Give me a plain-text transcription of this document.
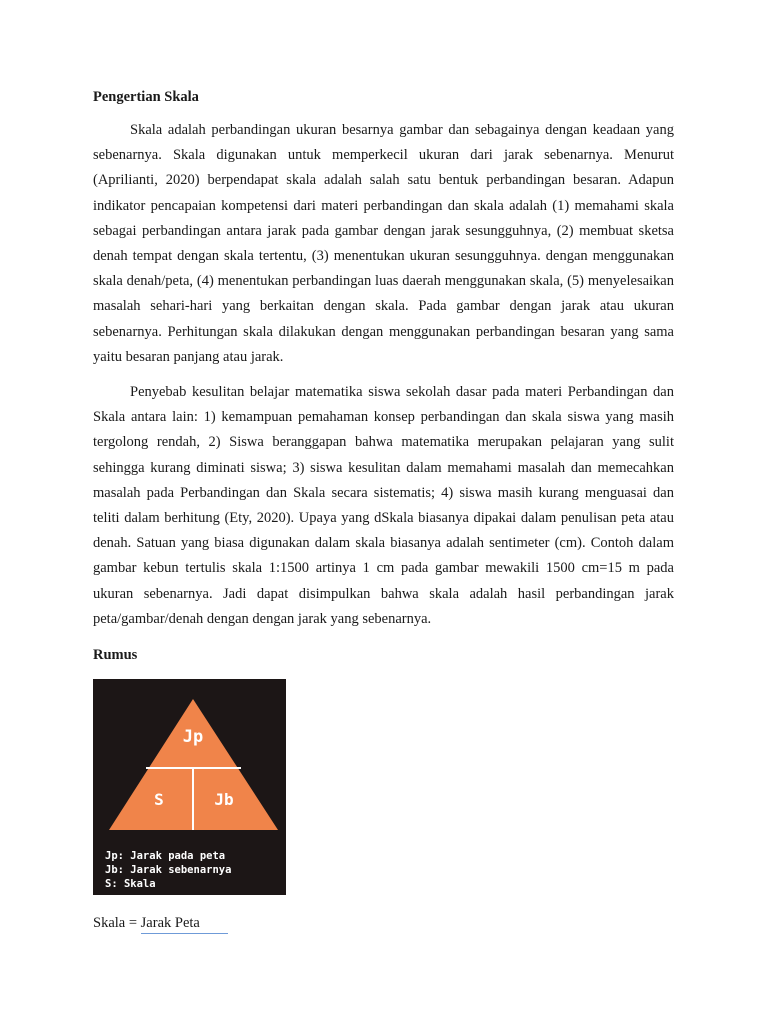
Pengertian Skala

Skala adalah perbandingan ukuran besarnya gambar dan sebagainya dengan keadaan yang sebenarnya. Skala digunakan untuk memperkecil ukuran dari jarak sebenarnya. Menurut (Aprilianti, 2020) berpendapat skala adalah salah satu bentuk perbandingan besaran. Adapun indikator pencapaian kompetensi dari materi perbandingan dan skala adalah (1) memahami skala sebagai perbandingan antara jarak pada gambar dengan jarak sesungguhnya, (2) membuat sketsa denah tempat dengan skala tertentu, (3) menentukan ukuran sesungguhnya. dengan menggunakan skala denah/peta, (4) menentukan perbandingan luas daerah menggunakan skala, (5) menyelesaikan masalah sehari-hari yang berkaitan dengan skala. Pada gambar dengan jarak atau ukuran sebenarnya. Perhitungan skala dilakukan dengan menggunakan perbandingan besaran yang sama yaitu besaran panjang atau jarak.

Penyebab kesulitan belajar matematika siswa sekolah dasar pada materi Perbandingan dan Skala antara lain: 1) kemampuan pemahaman konsep perbandingan dan skala siswa yang masih tergolong rendah, 2) Siswa beranggapan bahwa matematika merupakan pelajaran yang sulit sehingga kurang diminati siswa; 3) siswa kesulitan dalam memahami masalah dan memecahkan masalah pada Perbandingan dan Skala secara sistematis; 4) siswa masih kurang menguasai dan teliti dalam berhitung (Ety, 2020). Upaya yang dSkala biasanya dipakai dalam penulisan peta atau denah. Satuan yang biasa digunakan dalam skala biasanya adalah sentimeter (cm). Contoh dalam gambar kebun tertulis skala 1:1500 artinya 1 cm pada gambar mewakili 1500 cm=15 m pada ukuran sebenarnya. Jadi dapat disimpulkan bahwa skala adalah hasil perbandingan jarak peta/gambar/denah dengan dengan jarak yang sebenarnya.

Rumus
Jp
S	Jb
Jp: Jarak pada peta
Jb: Jarak sebenarnya
S: Skala
Skala = Jarak Peta
